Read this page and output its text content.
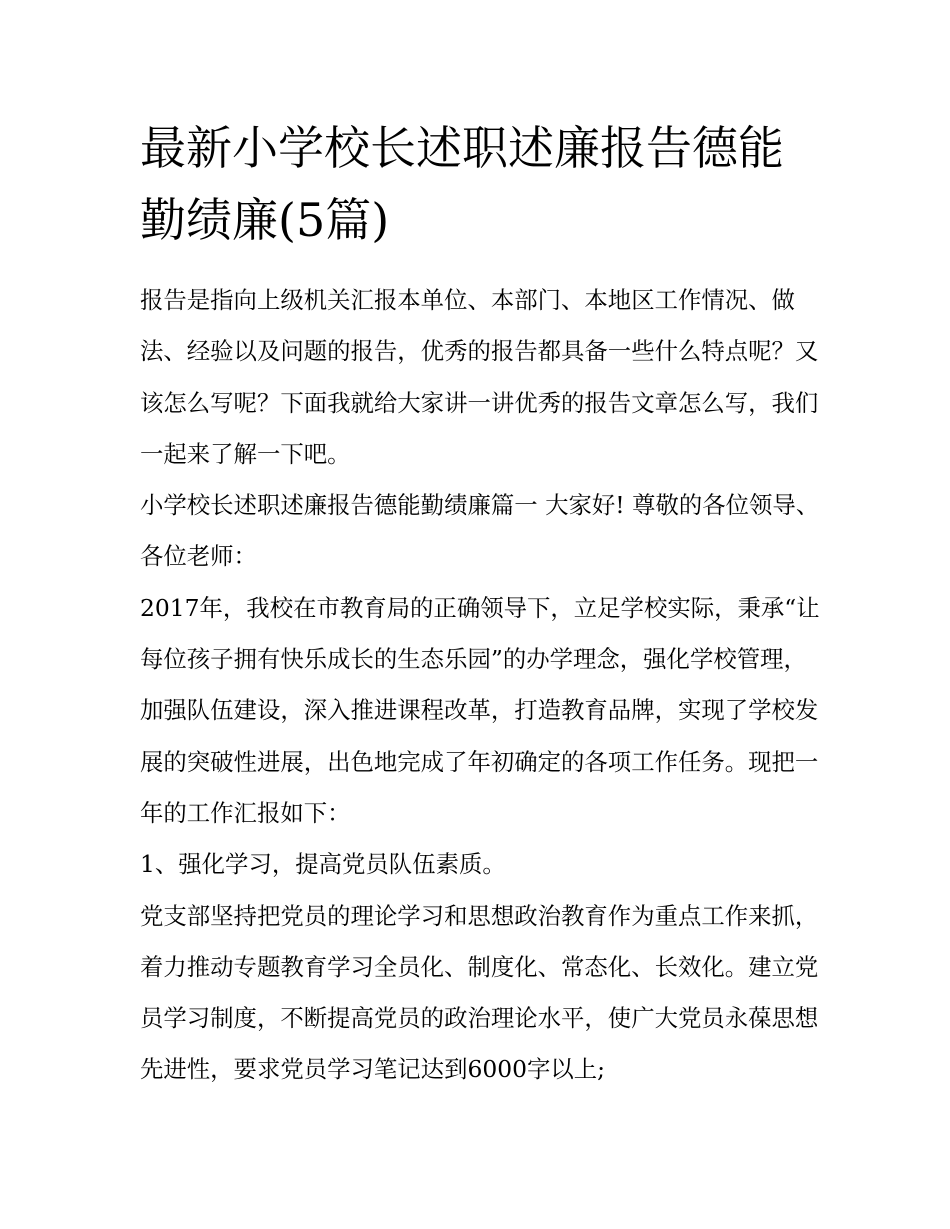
最新小学校长述职述廉报告德能勤绩廉(5篇)

报告是指向上级机关汇报本单位、本部门、本地区工作情况、做法、经验以及问题的报告，优秀的报告都具备一些什么特点呢？又该怎么写呢？下面我就给大家讲一讲优秀的报告文章怎么写，我们一起来了解一下吧。

小学校长述职述廉报告德能勤绩廉篇一 大家好! 尊敬的各位领导、各位老师：

2017年，我校在市教育局的正确领导下，立足学校实际，秉承“让每位孩子拥有快乐成长的生态乐园”的办学理念，强化学校管理，加强队伍建设，深入推进课程改革，打造教育品牌，实现了学校发展的突破性进展，出色地完成了年初确定的各项工作任务。现把一年的工作汇报如下：

1、强化学习，提高党员队伍素质。

党支部坚持把党员的理论学习和思想政治教育作为重点工作来抓，着力推动专题教育学习全员化、制度化、常态化、长效化。建立党员学习制度，不断提高党员的政治理论水平，使广大党员永葆思想先进性，要求党员学习笔记达到6000字以上;
